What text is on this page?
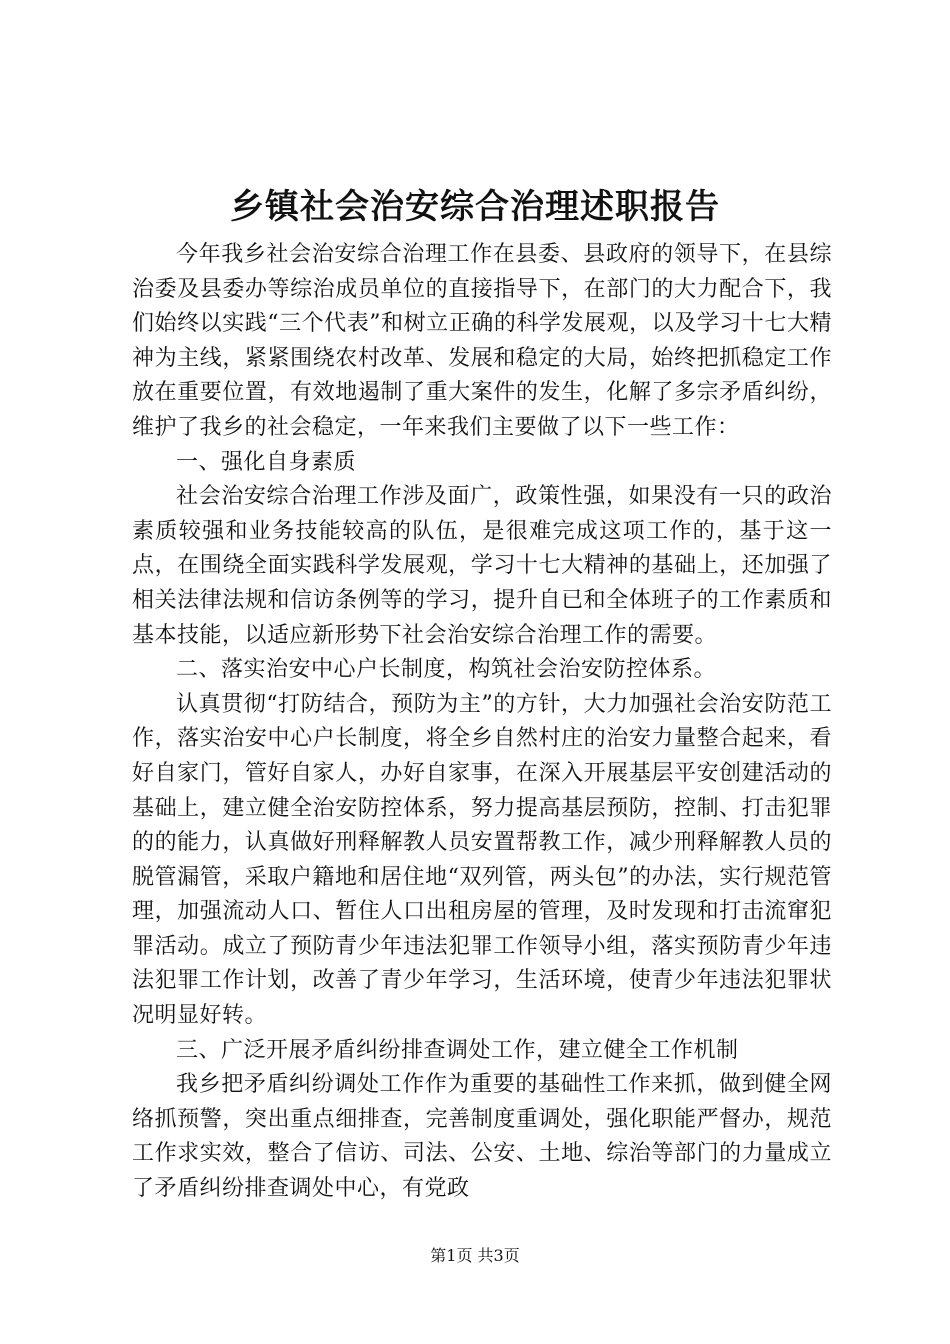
乡镇社会治安综合治理述职报告

今年我乡社会治安综合治理工作在县委、县政府的领导下，在县综治委及县委办等综治成员单位的直接指导下，在部门的大力配合下，我们始终以实践“三个代表”和树立正确的科学发展观，以及学习十七大精神为主线，紧紧围绕农村改革、发展和稳定的大局，始终把抓稳定工作放在重要位置，有效地遏制了重大案件的发生，化解了多宗矛盾纠纷，维护了我乡的社会稳定，一年来我们主要做了以下一些工作：

一、强化自身素质

社会治安综合治理工作涉及面广，政策性强，如果没有一只的政治素质较强和业务技能较高的队伍，是很难完成这项工作的，基于这一点，在围绕全面实践科学发展观，学习十七大精神的基础上，还加强了相关法律法规和信访条例等的学习，提升自已和全体班子的工作素质和基本技能，以适应新形势下社会治安综合治理工作的需要。

二、落实治安中心户长制度，构筑社会治安防控体系。

认真贯彻“打防结合，预防为主”的方针，大力加强社会治安防范工作，落实治安中心户长制度，将全乡自然村庄的治安力量整合起来，看好自家门，管好自家人，办好自家事，在深入开展基层平安创建活动的基础上，建立健全治安防控体系，努力提高基层预防，控制、打击犯罪的的能力，认真做好刑释解教人员安置帮教工作，减少刑释解教人员的脱管漏管，采取户籍地和居住地“双列管，两头包”的办法，实行规范管理，加强流动人口、暂住人口出租房屋的管理，及时发现和打击流窜犯罪活动。成立了预防青少年违法犯罪工作领导小组，落实预防青少年违法犯罪工作计划，改善了青少年学习，生活环境，使青少年违法犯罪状况明显好转。

三、广泛开展矛盾纠纷排查调处工作，建立健全工作机制

我乡把矛盾纠纷调处工作作为重要的基础性工作来抓，做到健全网络抓预警，突出重点细排查，完善制度重调处，强化职能严督办，规范工作求实效，整合了信访、司法、公安、土地、综治等部门的力量成立了矛盾纠纷排查调处中心，有党政

第1页 共3页
